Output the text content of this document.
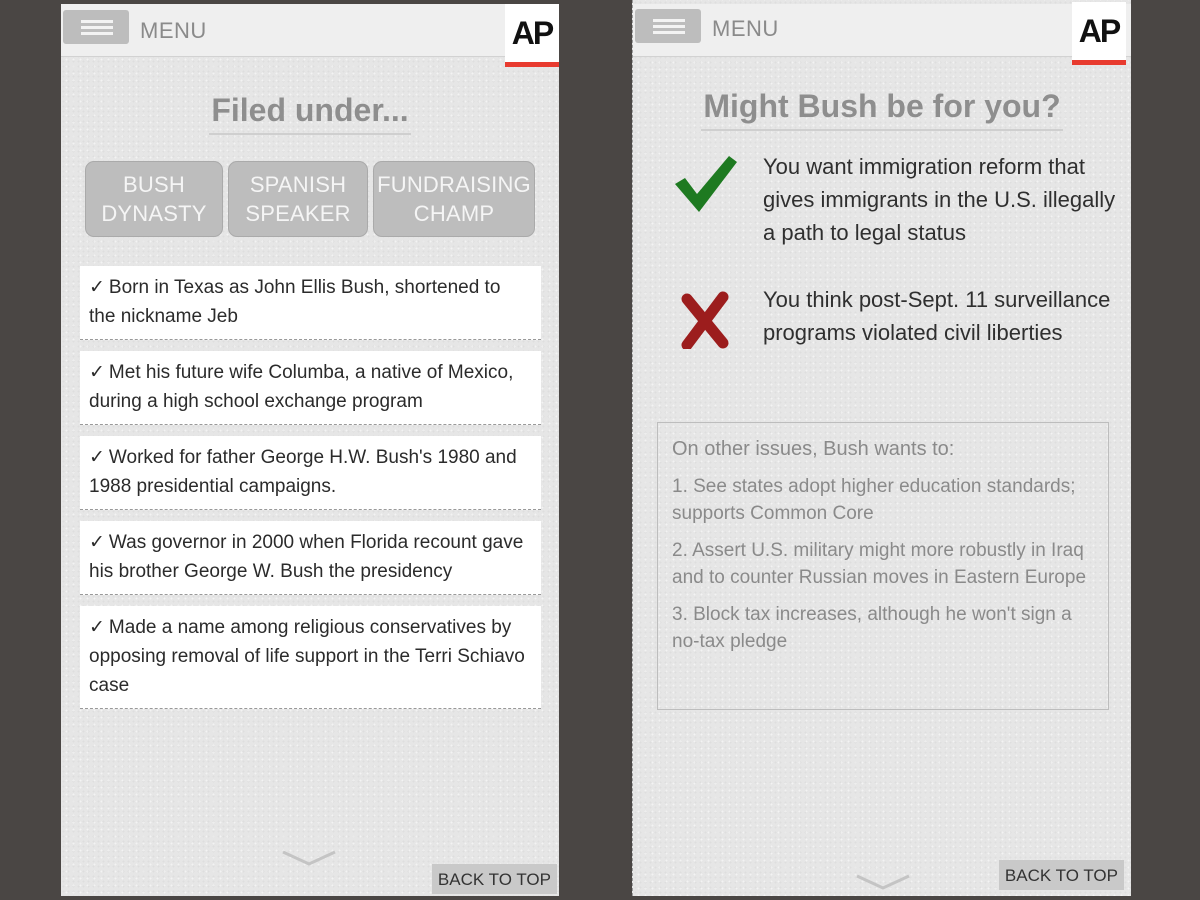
MENU	AP
Filed under...
BUSH
DYNASTY
SPANISH
SPEAKER
FUNDRAISING
CHAMP
✓ Born in Texas as John Ellis Bush, shortened to the nickname Jeb
✓ Met his future wife Columba, a native of Mexico, during a high school exchange program
✓ Worked for father George H.W. Bush's 1980 and 1988 presidential campaigns.
✓ Was governor in 2000 when Florida recount gave his brother George W. Bush the presidency
✓ Made a name among religious conservatives by opposing removal of life support in the Terri Schiavo case
BACK TO TOP
MENU	AP
Might Bush be for you?
You want immigration reform that gives immigrants in the U.S. illegally a path to legal status
You think post-Sept. 11 surveillance programs violated civil liberties
On other issues, Bush wants to:
1. See states adopt higher education standards; supports Common Core
2. Assert U.S. military might more robustly in Iraq and to counter Russian moves in Eastern Europe
3. Block tax increases, although he won't sign a no-tax pledge
BACK TO TOP
